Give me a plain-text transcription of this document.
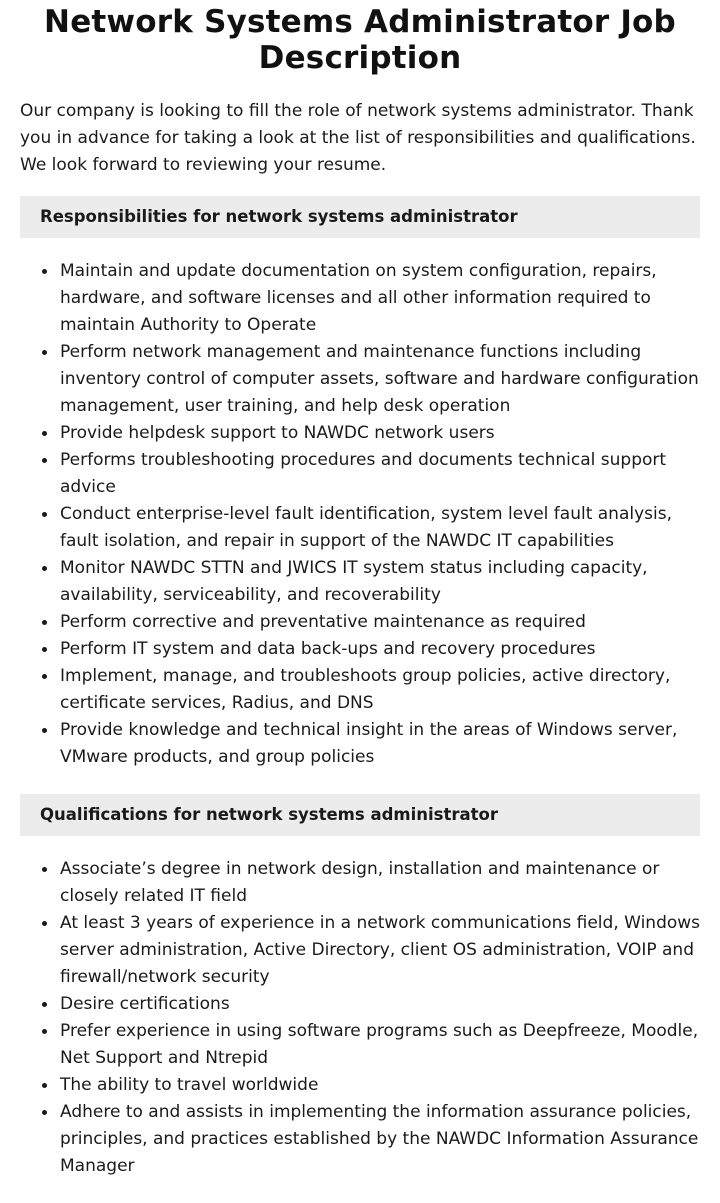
Network Systems Administrator Job Description

Our company is looking to fill the role of network systems administrator. Thank you in advance for taking a look at the list of responsibilities and qualifications. We look forward to reviewing your resume.

Responsibilities for network systems administrator
Maintain and update documentation on system configuration, repairs, hardware, and software licenses and all other information required to maintain Authority to Operate
Perform network management and maintenance functions including inventory control of computer assets, software and hardware configuration management, user training, and help desk operation
Provide helpdesk support to NAWDC network users
Performs troubleshooting procedures and documents technical support advice
Conduct enterprise-level fault identification, system level fault analysis, fault isolation, and repair in support of the NAWDC IT capabilities
Monitor NAWDC STTN and JWICS IT system status including capacity, availability, serviceability, and recoverability
Perform corrective and preventative maintenance as required
Perform IT system and data back-ups and recovery procedures
Implement, manage, and troubleshoots group policies, active directory, certificate services, Radius, and DNS
Provide knowledge and technical insight in the areas of Windows server, VMware products, and group policies
Qualifications for network systems administrator
Associate’s degree in network design, installation and maintenance or closely related IT field
At least 3 years of experience in a network communications field, Windows server administration, Active Directory, client OS administration, VOIP and firewall/network security
Desire certifications
Prefer experience in using software programs such as Deepfreeze, Moodle, Net Support and Ntrepid
The ability to travel worldwide
Adhere to and assists in implementing the information assurance policies, principles, and practices established by the NAWDC Information Assurance Manager
